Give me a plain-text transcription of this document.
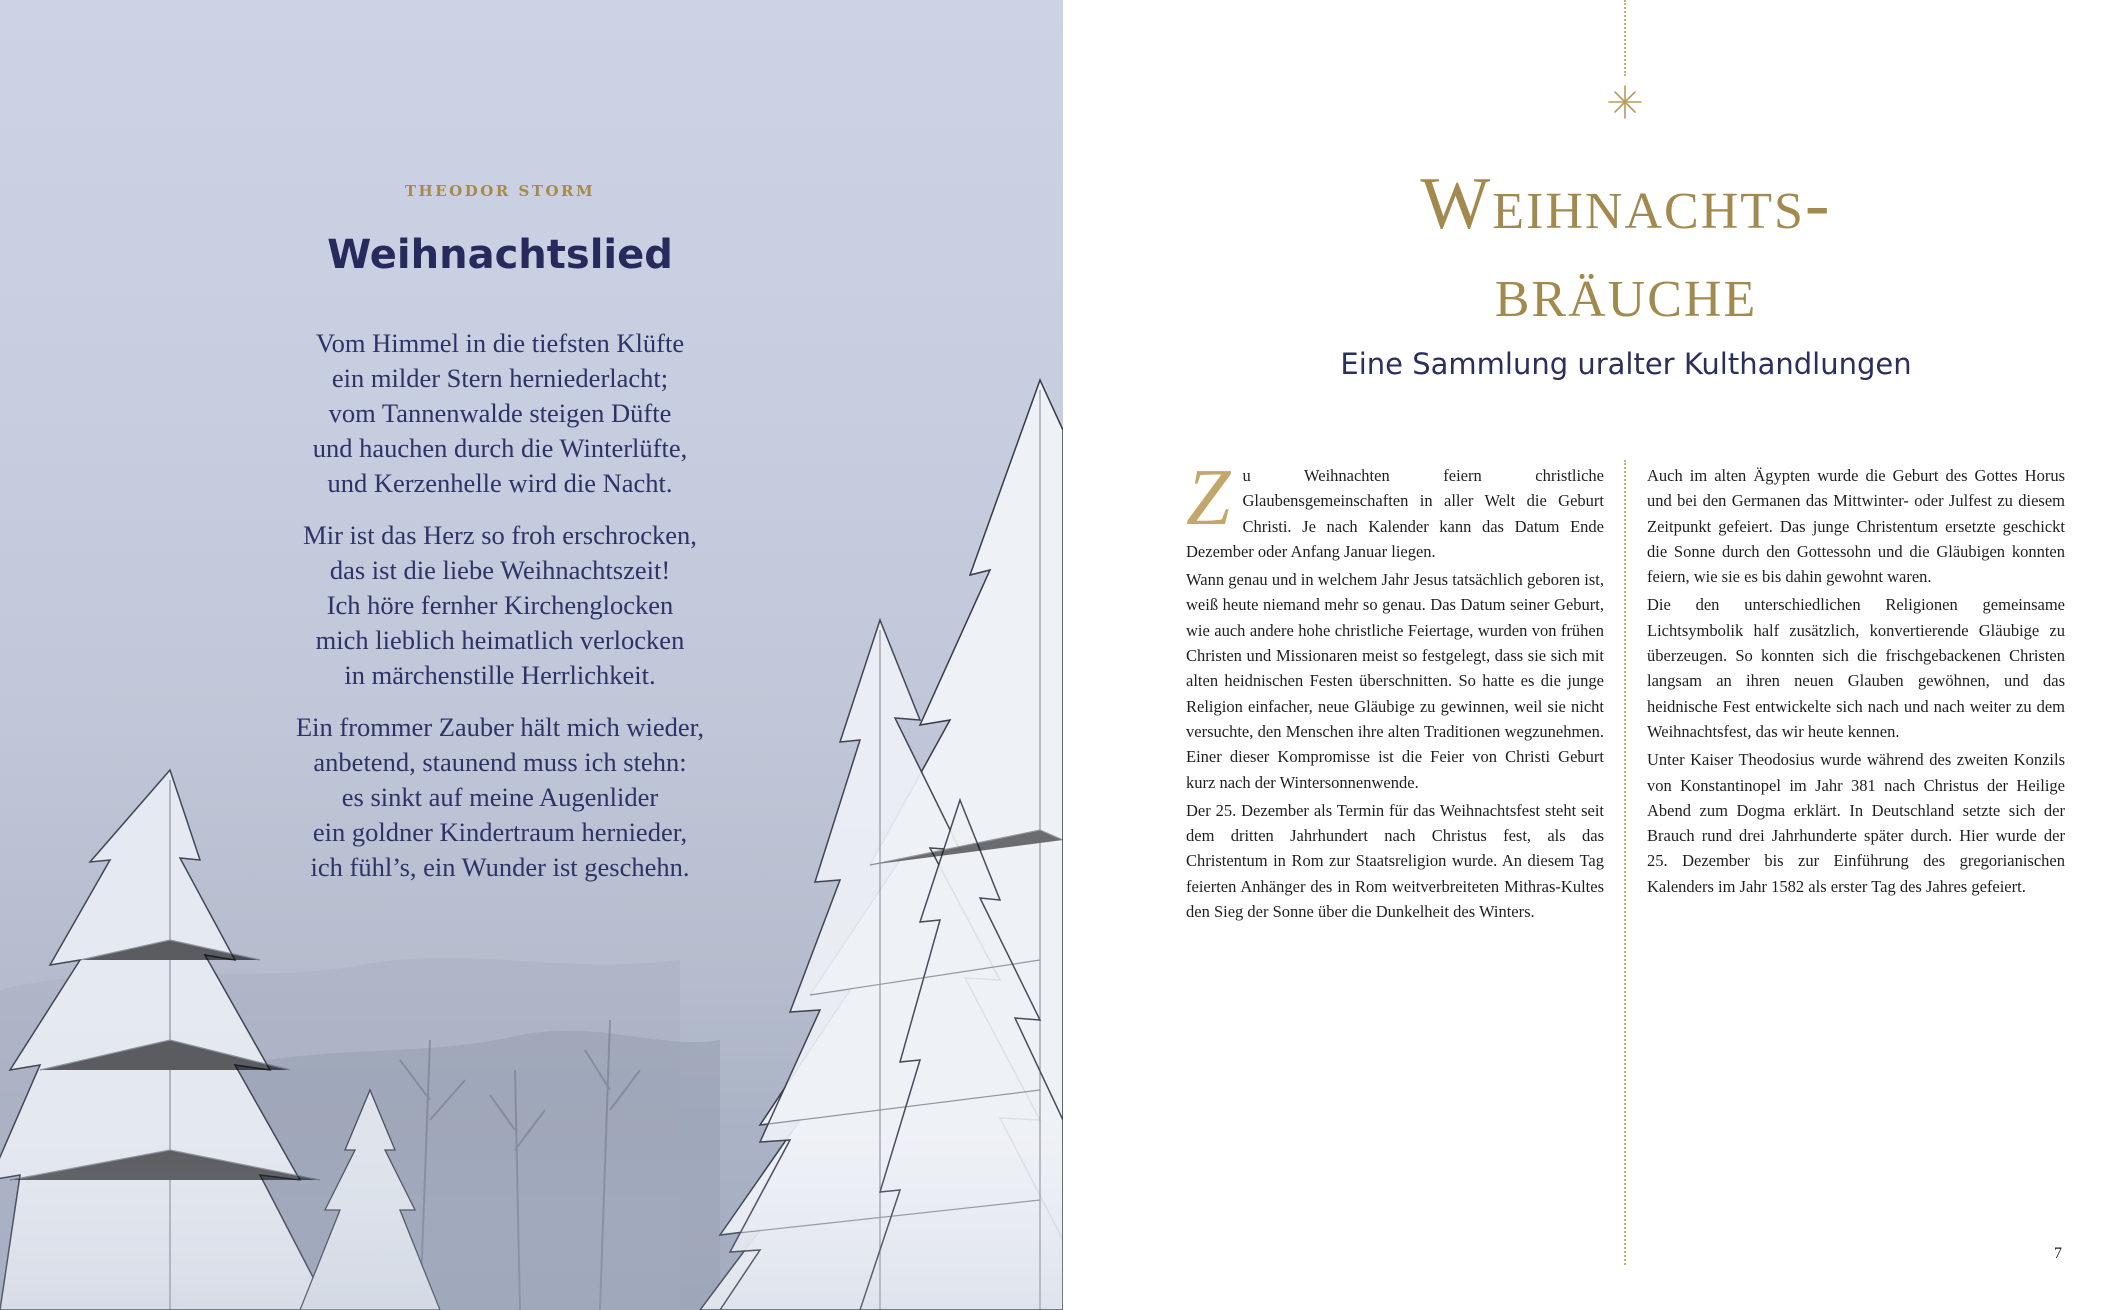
THEODOR STORM
Weihnachtslied
Vom Himmel in die tiefsten Klüfte
ein milder Stern herniederlacht;
vom Tannenwalde steigen Düfte
und hauchen durch die Winterlüfte,
und Kerzenhelle wird die Nacht.
Mir ist das Herz so froh erschrocken,
das ist die liebe Weihnachtszeit!
Ich höre fernher Kirchenglocken
mich lieblich heimatlich verlocken
in märchenstille Herrlichkeit.
Ein frommer Zauber hält mich wieder,
anbetend, staunend muss ich stehn:
es sinkt auf meine Augenlider
ein goldner Kindertraum hernieder,
ich fühl’s, ein Wunder ist geschehn.
Weihnachts-
bräuche
Eine Sammlung uralter Kulthandlungen

Zu Weihnachten feiern christliche Glaubensgemeinschaften in aller Welt die Geburt Christi. Je nach Kalender kann das Datum Ende Dezember oder Anfang Januar liegen.

Wann genau und in welchem Jahr Jesus tatsächlich geboren ist, weiß heute niemand mehr so genau. Das Datum seiner Geburt, wie auch andere hohe christliche Feiertage, wurden von frühen Christen und Missionaren meist so festgelegt, dass sie sich mit alten heidnischen Festen überschnitten. So hatte es die junge Religion einfacher, neue Gläubige zu gewinnen, weil sie nicht versuchte, den Menschen ihre alten Traditionen wegzunehmen. Einer dieser Kompromisse ist die Feier von Christi Geburt kurz nach der Wintersonnenwende.

Der 25. Dezember als Termin für das Weihnachtsfest steht seit dem dritten Jahrhundert nach Christus fest, als das Christentum in Rom zur Staatsreligion wurde. An diesem Tag feierten Anhänger des in Rom weitverbreiteten Mithras-Kultes den Sieg der Sonne über die Dunkelheit des Winters.

Auch im alten Ägypten wurde die Geburt des Gottes Horus und bei den Germanen das Mittwinter- oder Julfest zu diesem Zeitpunkt gefeiert. Das junge Christentum ersetzte geschickt die Sonne durch den Gottessohn und die Gläubigen konnten feiern, wie sie es bis dahin gewohnt waren.

Die den unterschiedlichen Religionen gemeinsame Lichtsymbolik half zusätzlich, konvertierende Gläubige zu überzeugen. So konnten sich die frischgebackenen Christen langsam an ihren neuen Glauben gewöhnen, und das heidnische Fest entwickelte sich nach und nach weiter zu dem Weihnachtsfest, das wir heute kennen.

Unter Kaiser Theodosius wurde während des zweiten Konzils von Konstantinopel im Jahr 381 nach Christus der Heilige Abend zum Dogma erklärt. In Deutschland setzte sich der Brauch rund drei Jahrhunderte später durch. Hier wurde der 25. Dezember bis zur Einführung des gregorianischen Kalenders im Jahr 1582 als erster Tag des Jahres gefeiert.

7
